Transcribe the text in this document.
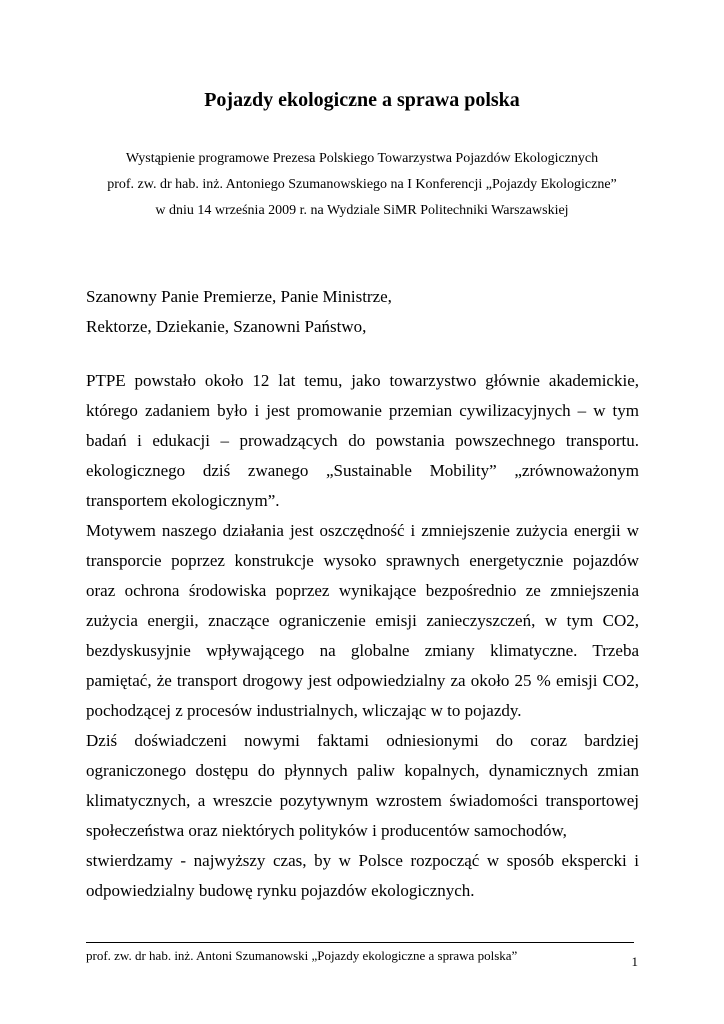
Pojazdy ekologiczne a sprawa polska
Wystąpienie programowe Prezesa Polskiego Towarzystwa Pojazdów Ekologicznych
prof. zw. dr hab. inż. Antoniego Szumanowskiego na I Konferencji „Pojazdy Ekologiczne”
w dniu 14 września 2009 r. na Wydziale SiMR Politechniki Warszawskiej
Szanowny Panie Premierze, Panie Ministrze,
Rektorze, Dziekanie, Szanowni Państwo,

PTPE powstało około 12 lat temu, jako towarzystwo głównie akademickie, którego zadaniem było i jest promowanie przemian cywilizacyjnych – w tym badań i edukacji – prowadzących do powstania powszechnego transportu. ekologicznego dziś zwanego „Sustainable Mobility” „zrównoważonym transportem ekologicznym”.

Motywem naszego działania jest oszczędność i zmniejszenie zużycia energii w transporcie poprzez konstrukcje wysoko sprawnych energetycznie pojazdów oraz ochrona środowiska poprzez wynikające bezpośrednio ze zmniejszenia zużycia energii, znaczące ograniczenie emisji zanieczyszczeń, w tym CO2, bezdyskusyjnie wpływającego na globalne zmiany klimatyczne. Trzeba pamiętać, że transport drogowy jest odpowiedzialny za około 25 % emisji CO2, pochodzącej z procesów industrialnych, wliczając w to pojazdy.

Dziś doświadczeni nowymi faktami odniesionymi do coraz bardziej ograniczonego dostępu do płynnych paliw kopalnych, dynamicznych zmian klimatycznych, a wreszcie pozytywnym wzrostem świadomości transportowej społeczeństwa oraz niektórych polityków i producentów samochodów,

stwierdzamy - najwyższy czas, by w Polsce rozpocząć w sposób ekspercki i odpowiedzialny budowę rynku pojazdów ekologicznych.

prof. zw. dr hab. inż. Antoni Szumanowski „Pojazdy ekologiczne a sprawa polska”	1
